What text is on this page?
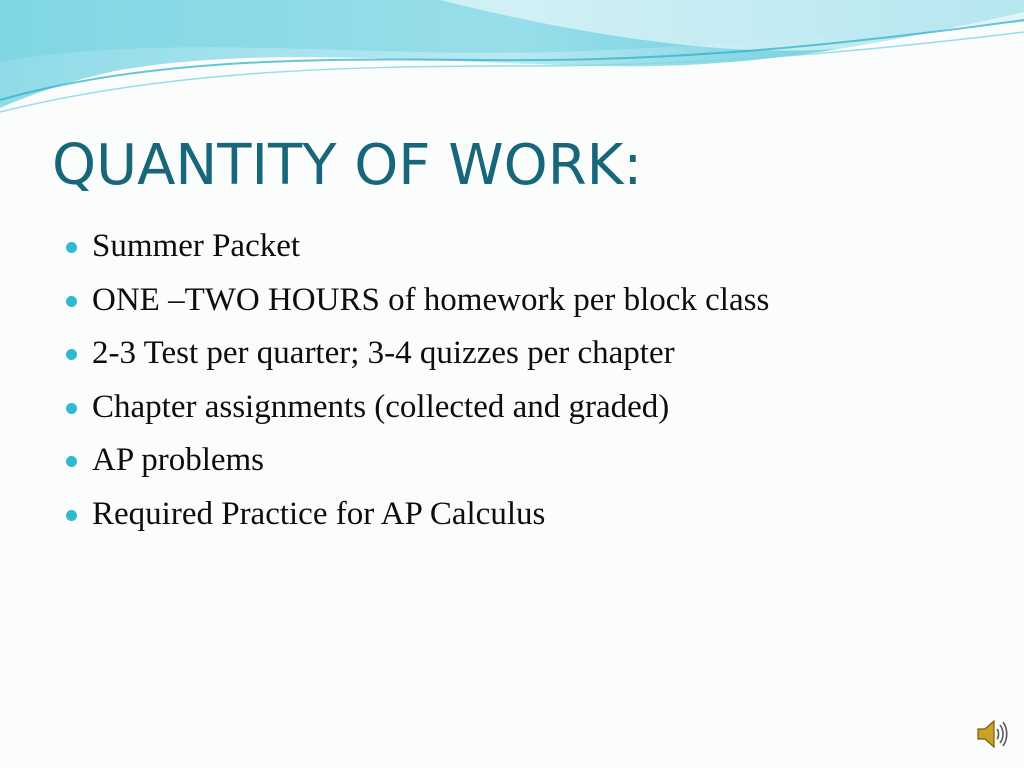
QUANTITY OF WORK:
Summer Packet
ONE –TWO HOURS of homework per block class
2-3 Test per quarter; 3-4 quizzes per chapter
Chapter assignments (collected and graded)
AP problems
Required Practice for AP Calculus
